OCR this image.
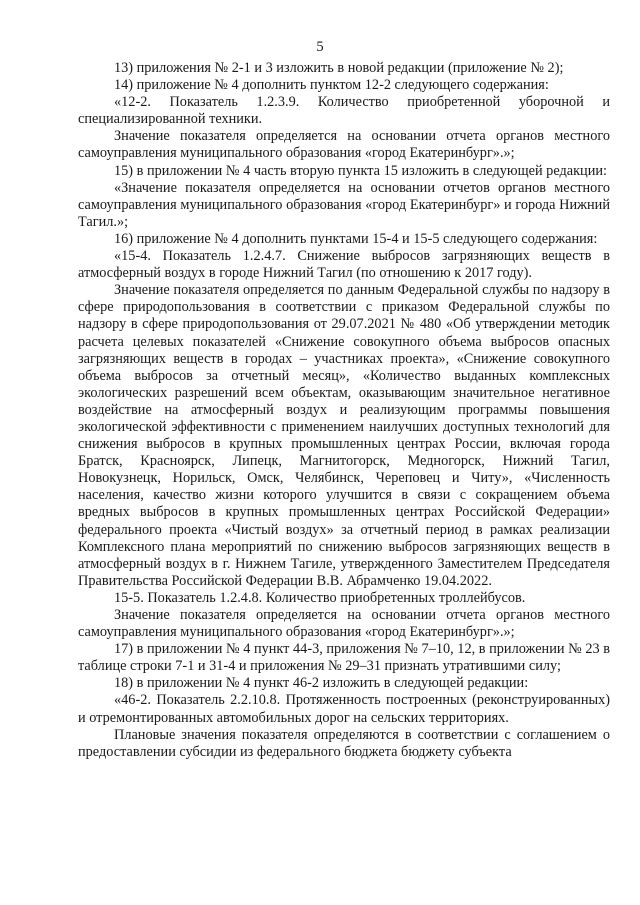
5

13) приложения № 2-1 и 3 изложить в новой редакции (приложение № 2);

14) приложение № 4 дополнить пунктом 12-2 следующего содержания:

«12-2. Показатель 1.2.3.9. Количество приобретенной уборочной и специализированной техники.

Значение показателя определяется на основании отчета органов местного самоуправления муниципального образования «город Екатеринбург».»;

15) в приложении № 4 часть вторую пункта 15 изложить в следующей редакции:

«Значение показателя определяется на основании отчетов органов местного самоуправления муниципального образования «город Екатеринбург» и города Нижний Тагил.»;

16) приложение № 4 дополнить пунктами 15-4 и 15-5 следующего содержания:

«15-4. Показатель 1.2.4.7. Снижение выбросов загрязняющих веществ в атмосферный воздух в городе Нижний Тагил (по отношению к 2017 году).

Значение показателя определяется по данным Федеральной службы по надзору в сфере природопользования в соответствии с приказом Федеральной службы по надзору в сфере природопользования от 29.07.2021 № 480 «Об утверждении методик расчета целевых показателей «Снижение совокупного объема выбросов опасных загрязняющих веществ в городах – участниках проекта», «Снижение совокупного объема выбросов за отчетный месяц», «Количество выданных комплексных экологических разрешений всем объектам, оказывающим значительное негативное воздействие на атмосферный воздух и реализующим программы повышения экологической эффективности с применением наилучших доступных технологий для снижения выбросов в крупных промышленных центрах России, включая города Братск, Красноярск, Липецк, Магнитогорск, Медногорск, Нижний Тагил, Новокузнецк, Норильск, Омск, Челябинск, Череповец и Читу», «Численность населения, качество жизни которого улучшится в связи с сокращением объема вредных выбросов в крупных промышленных центрах Российской Федерации» федерального проекта «Чистый воздух» за отчетный период в рамках реализации Комплексного плана мероприятий по снижению выбросов загрязняющих веществ в атмосферный воздух в г. Нижнем Тагиле, утвержденного Заместителем Председателя Правительства Российской Федерации В.В. Абрамченко 19.04.2022.

15-5. Показатель 1.2.4.8. Количество приобретенных троллейбусов.

Значение показателя определяется на основании отчета органов местного самоуправления муниципального образования «город Екатеринбург».»;

17) в приложении № 4 пункт 44-3, приложения № 7–10, 12, в приложении № 23 в таблице строки 7-1 и 31-4 и приложения № 29–31 признать утратившими силу;

18) в приложении № 4 пункт 46-2 изложить в следующей редакции:

«46-2. Показатель 2.2.10.8. Протяженность построенных (реконструированных) и отремонтированных автомобильных дорог на сельских территориях.

Плановые значения показателя определяются в соответствии с соглашением о предоставлении субсидии из федерального бюджета бюджету субъекта
